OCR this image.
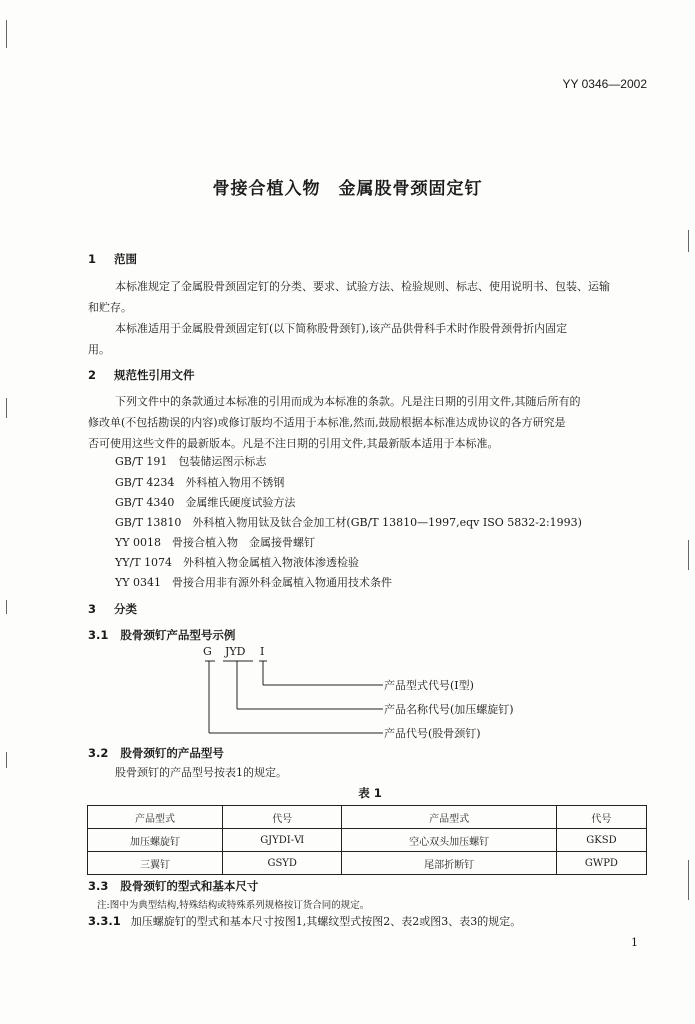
YY 0346—2002
骨接合植入物　金属股骨颈固定钉
1 范围
本标准规定了金属股骨颈固定钉的分类、要求、试验方法、检验规则、标志、使用说明书、包装、运输
和贮存。
本标准适用于金属股骨颈固定钉(以下简称股骨颈钉),该产品供骨科手术时作股骨颈骨折内固定
用。
2 规范性引用文件
下列文件中的条款通过本标准的引用而成为本标准的条款。凡是注日期的引用文件,其随后所有的
修改单(不包括勘误的内容)或修订版均不适用于本标准,然而,鼓励根据本标准达成协议的各方研究是
否可使用这些文件的最新版本。凡是不注日期的引用文件,其最新版本适用于本标准。
GB/T 191　包装储运图示标志
GB/T 4234　外科植入物用不锈钢
GB/T 4340　金属维氏硬度试验方法
GB/T 13810　外科植入物用钛及钛合金加工材(GB/T 13810—1997,eqv ISO 5832-2:1993)
YY 0018　骨接合植入物　金属接骨螺钉
YY/T 1074　外科植入物金属植入物液体渗透检验
YY 0341　骨接合用非有源外科金属植入物通用技术条件
3 分类
3.1 股骨颈钉产品型号示例
G JYD I
产品型式代号(Ⅰ型)
产品名称代号(加压螺旋钉)
产品代号(股骨颈钉)
3.2 股骨颈钉的产品型号
股骨颈钉的产品型号按表1的规定。
表 1
产品型式	代号	产品型式	代号
加压螺旋钉	GJYDⅠ-Ⅵ	空心双头加压螺钉	GKSD
三翼钉	GSYD	尾部折断钉	GWPD
3.3 股骨颈钉的型式和基本尺寸
注:图中为典型结构,特殊结构或特殊系列规格按订货合同的规定。
3.3.1 加压螺旋钉的型式和基本尺寸按图1,其螺纹型式按图2、表2或图3、表3的规定。
1
